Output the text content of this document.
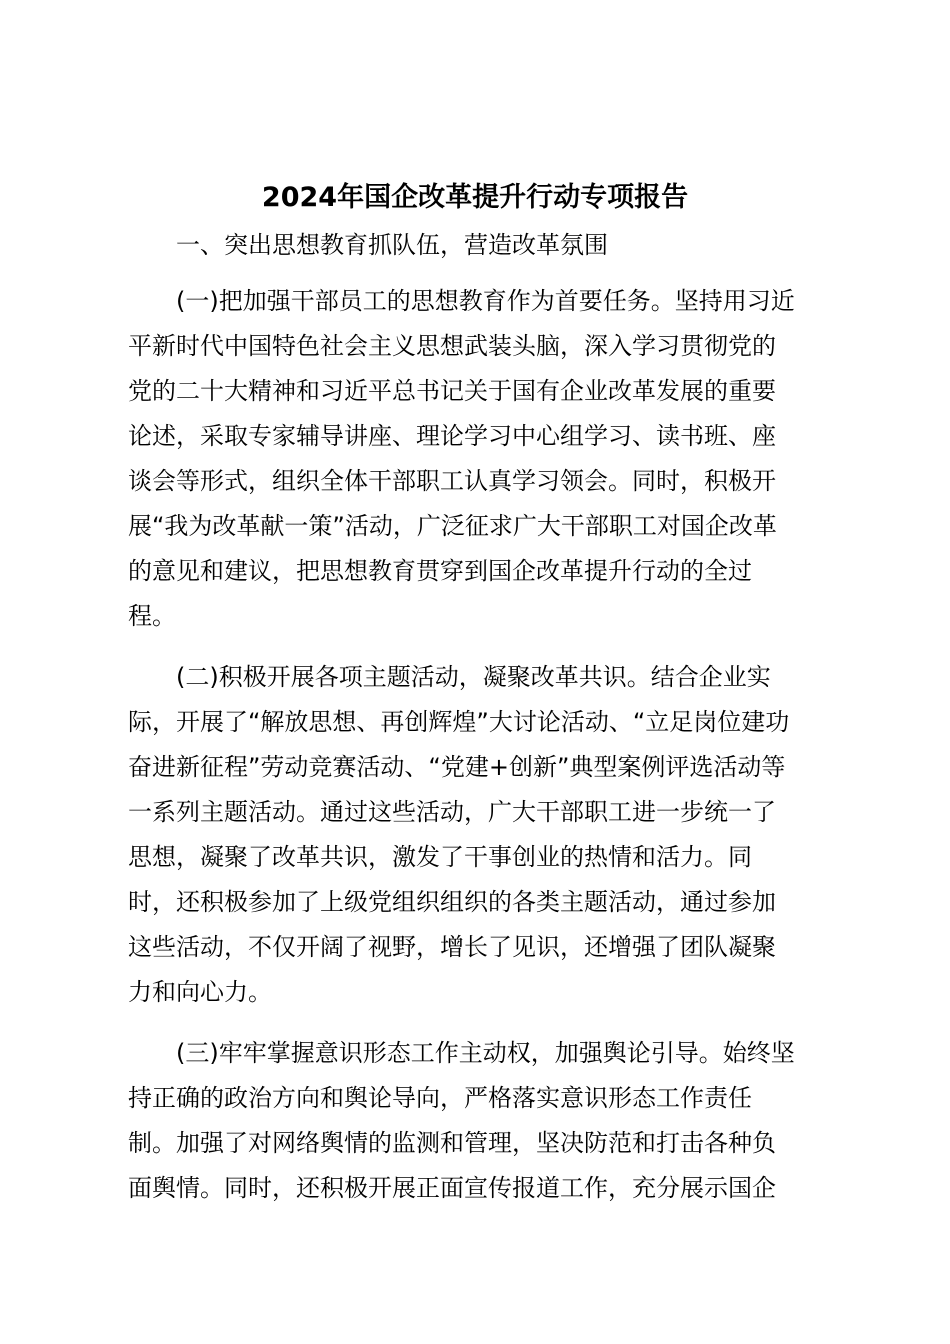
2024年国企改革提升行动专项报告

一、突出思想教育抓队伍，营造改革氛围

(一)把加强干部员工的思想教育作为首要任务。坚持用习近
平新时代中国特色社会主义思想武装头脑，深入学习贯彻党的
党的二十大精神和习近平总书记关于国有企业改革发展的重要
论述，采取专家辅导讲座、理论学习中心组学习、读书班、座
谈会等形式，组织全体干部职工认真学习领会。同时，积极开
展“我为改革献一策”活动，广泛征求广大干部职工对国企改革
的意见和建议，把思想教育贯穿到国企改革提升行动的全过
程。
(二)积极开展各项主题活动，凝聚改革共识。结合企业实
际，开展了“解放思想、再创辉煌”大讨论活动、“立足岗位建功
奋进新征程”劳动竞赛活动、“党建+创新”典型案例评选活动等
一系列主题活动。通过这些活动，广大干部职工进一步统一了
思想，凝聚了改革共识，激发了干事创业的热情和活力。同
时，还积极参加了上级党组织组织的各类主题活动，通过参加
这些活动，不仅开阔了视野，增长了见识，还增强了团队凝聚
力和向心力。
(三)牢牢掌握意识形态工作主动权，加强舆论引导。始终坚
持正确的政治方向和舆论导向，严格落实意识形态工作责任
制。加强了对网络舆情的监测和管理，坚决防范和打击各种负
面舆情。同时，还积极开展正面宣传报道工作，充分展示国企
